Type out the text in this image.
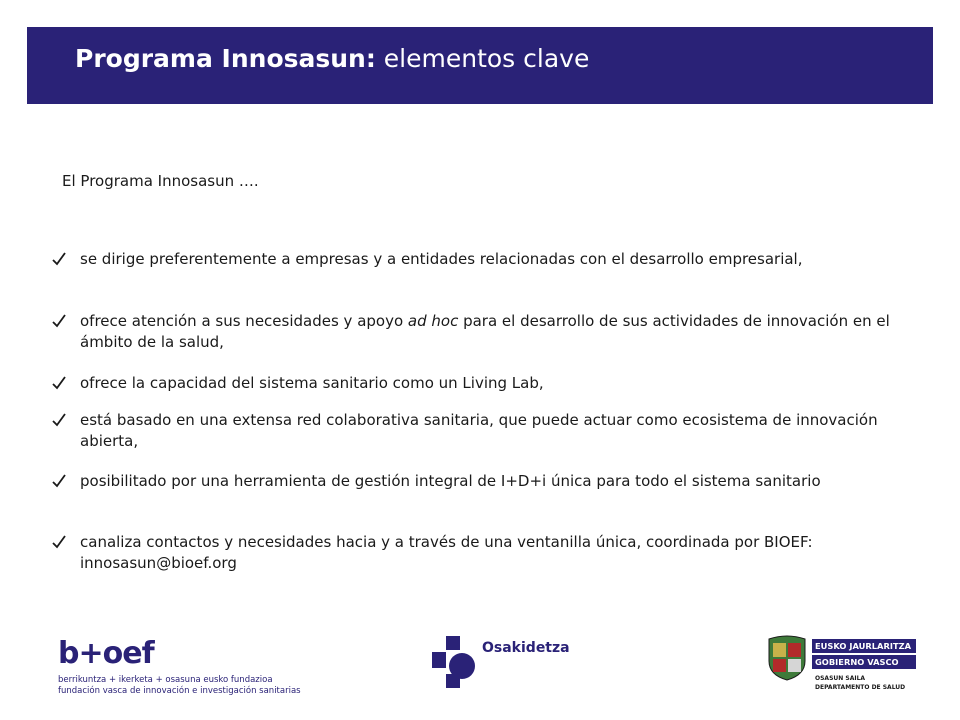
Programa Innosasun: elementos clave
El Programa Innosasun ….
se dirige preferentemente a empresas y a entidades relacionadas con el desarrollo empresarial,
ofrece atención a sus necesidades y apoyo ad hoc para el desarrollo de sus actividades de innovación en el ámbito de la salud,
ofrece la capacidad del sistema sanitario como un Living Lab,
está basado en una extensa red colaborativa sanitaria, que puede actuar como ecosistema de innovación abierta,
posibilitado por una herramienta de gestión integral de I+D+i única para todo el sistema sanitario
canaliza contactos y necesidades hacia y a través de una ventanilla única, coordinada por BIOEF: innosasun@bioef.org
b+oef
berrikuntza + ikerketa + osasuna eusko fundazioa
fundación vasca de innovación e investigación sanitarias
Osakidetza	EUSKO JAURLARITZA
GOBIERNO VASCO
OSASUN SAILA
DEPARTAMENTO DE SALUD
